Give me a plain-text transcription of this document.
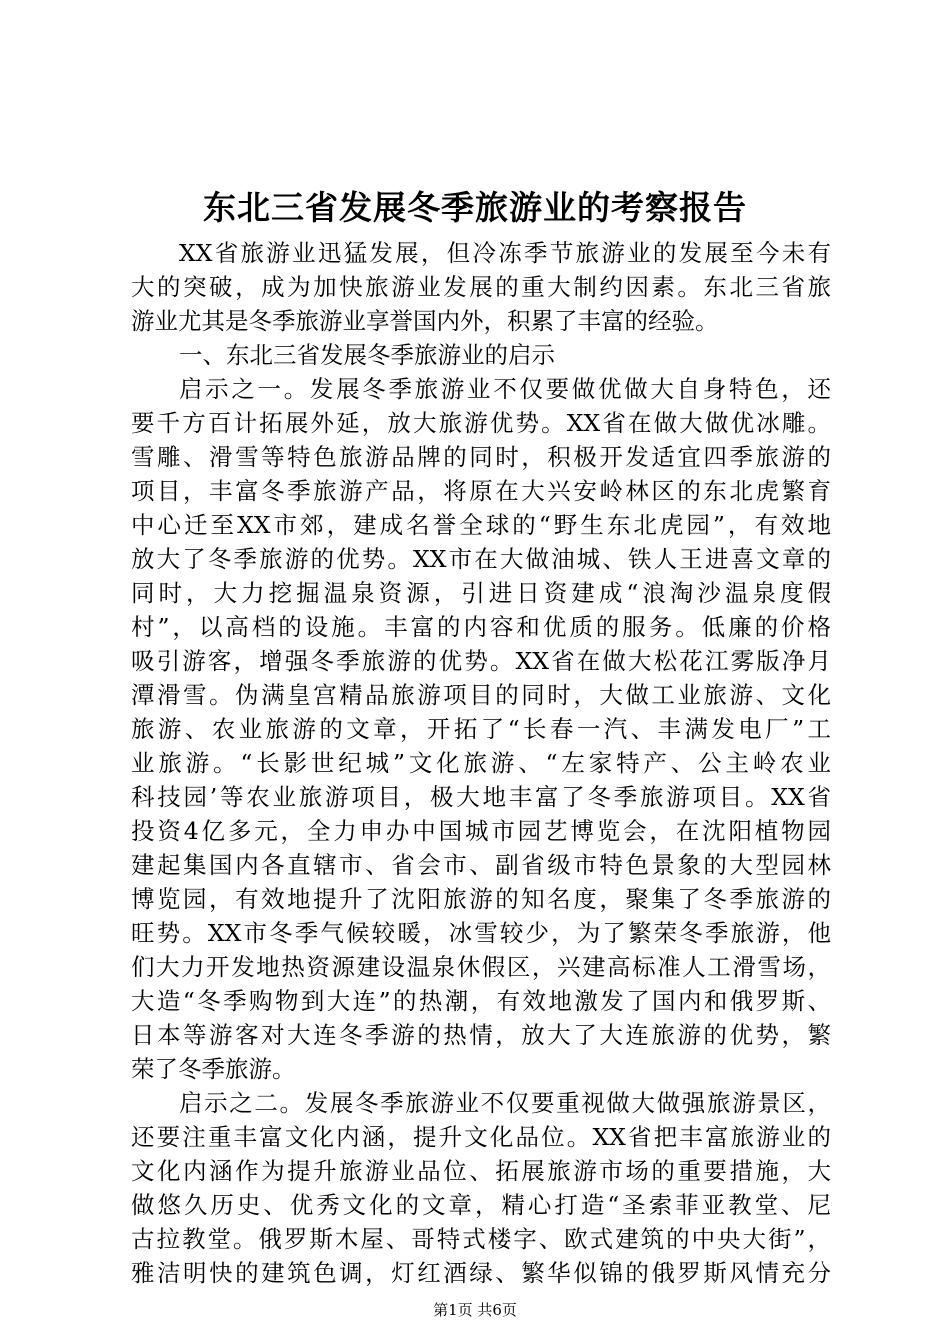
东北三省发展冬季旅游业的考察报告
XX省旅游业迅猛发展，但冷冻季节旅游业的发展至今未有
大的突破，成为加快旅游业发展的重大制约因素。东北三省旅
游业尤其是冬季旅游业享誉国内外，积累了丰富的经验。
一、东北三省发展冬季旅游业的启示
启示之一。发展冬季旅游业不仅要做优做大自身特色，还
要千方百计拓展外延，放大旅游优势。XX省在做大做优冰雕。
雪雕、滑雪等特色旅游品牌的同时，积极开发适宜四季旅游的
项目，丰富冬季旅游产品，将原在大兴安岭林区的东北虎繁育
中心迁至XX市郊，建成名誉全球的“野生东北虎园”，有效地
放大了冬季旅游的优势。XX市在大做油城、铁人王进喜文章的
同时，大力挖掘温泉资源，引进日资建成“浪淘沙温泉度假
村”，以高档的设施。丰富的内容和优质的服务。低廉的价格
吸引游客，增强冬季旅游的优势。XX省在做大松花江雾版净月
潭滑雪。伪满皇宫精品旅游项目的同时，大做工业旅游、文化
旅游、农业旅游的文章，开拓了“长春一汽、丰满发电厂”工
业旅游。“长影世纪城”文化旅游、“左家特产、公主岭农业
科技园’等农业旅游项目，极大地丰富了冬季旅游项目。XX省
投资4亿多元，全力申办中国城市园艺博览会，在沈阳植物园
建起集国内各直辖市、省会市、副省级市特色景象的大型园林
博览园，有效地提升了沈阳旅游的知名度，聚集了冬季旅游的
旺势。XX市冬季气候较暖，冰雪较少，为了繁荣冬季旅游，他
们大力开发地热资源建设温泉休假区，兴建高标准人工滑雪场，
大造“冬季购物到大连”的热潮，有效地激发了国内和俄罗斯、
日本等游客对大连冬季游的热情，放大了大连旅游的优势，繁
荣了冬季旅游。
启示之二。发展冬季旅游业不仅要重视做大做强旅游景区，
还要注重丰富文化内涵，提升文化品位。XX省把丰富旅游业的
文化内涵作为提升旅游业品位、拓展旅游市场的重要措施，大
做悠久历史、优秀文化的文章，精心打造“圣索菲亚教堂、尼
古拉教堂。俄罗斯木屋、哥特式楼字、欧式建筑的中央大街”，
雅洁明快的建筑色调，灯红酒绿、繁华似锦的俄罗斯风情充分
第1页 共6页
